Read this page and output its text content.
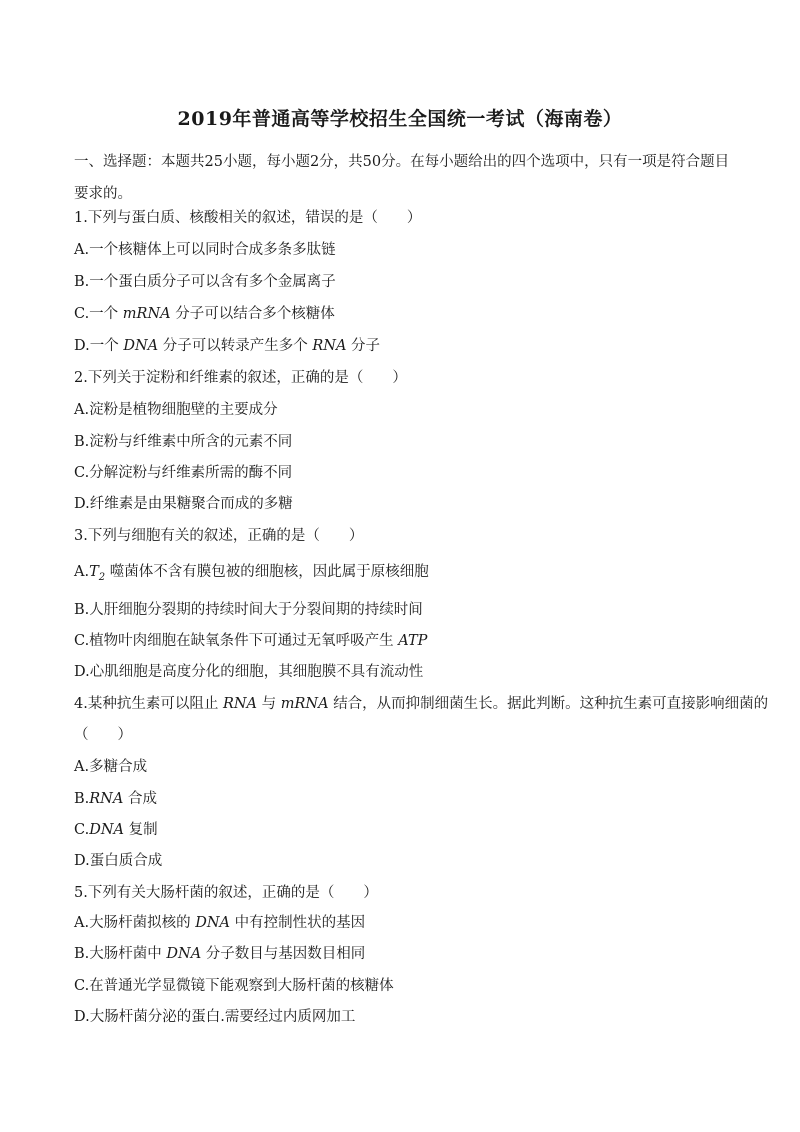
2019年普通高等学校招生全国统一考试（海南卷）
一、选择题：本题共25小题，每小题2分，共50分。在每小题给出的四个选项中，只有一项是符合题目要求的。
1.下列与蛋白质、核酸相关的叙述，错误的是（　　）
A.一个核糖体上可以同时合成多条多肽链
B.一个蛋白质分子可以含有多个金属离子
C.一个 mRNA 分子可以结合多个核糖体
D.一个 DNA 分子可以转录产生多个 RNA 分子
2.下列关于淀粉和纤维素的叙述，正确的是（　　）
A.淀粉是植物细胞壁的主要成分
B.淀粉与纤维素中所含的元素不同
C.分解淀粉与纤维素所需的酶不同
D.纤维素是由果糖聚合而成的多糖
3.下列与细胞有关的叙述，正确的是（　　）
$A.T_2$ 噬菌体不含有膜包被的细胞核，因此属于原核细胞
B.人肝细胞分裂期的持续时间大于分裂间期的持续时间
C.植物叶肉细胞在缺氧条件下可通过无氧呼吸产生 ATP
D.心肌细胞是高度分化的细胞，其细胞膜不具有流动性
4.某种抗生素可以阻止 RNA 与 mRNA 结合，从而抑制细菌生长。据此判断。这种抗生素可直接影响细菌的
（　　）
A.多糖合成
B.RNA 合成
C.DNA 复制
D.蛋白质合成
5.下列有关大肠杆菌的叙述，正确的是（　　）
A.大肠杆菌拟核的 DNA 中有控制性状的基因
B.大肠杆菌中 DNA 分子数目与基因数目相同
C.在普通光学显微镜下能观察到大肠杆菌的核糖体
D.大肠杆菌分泌的蛋白.需要经过内质网加工
